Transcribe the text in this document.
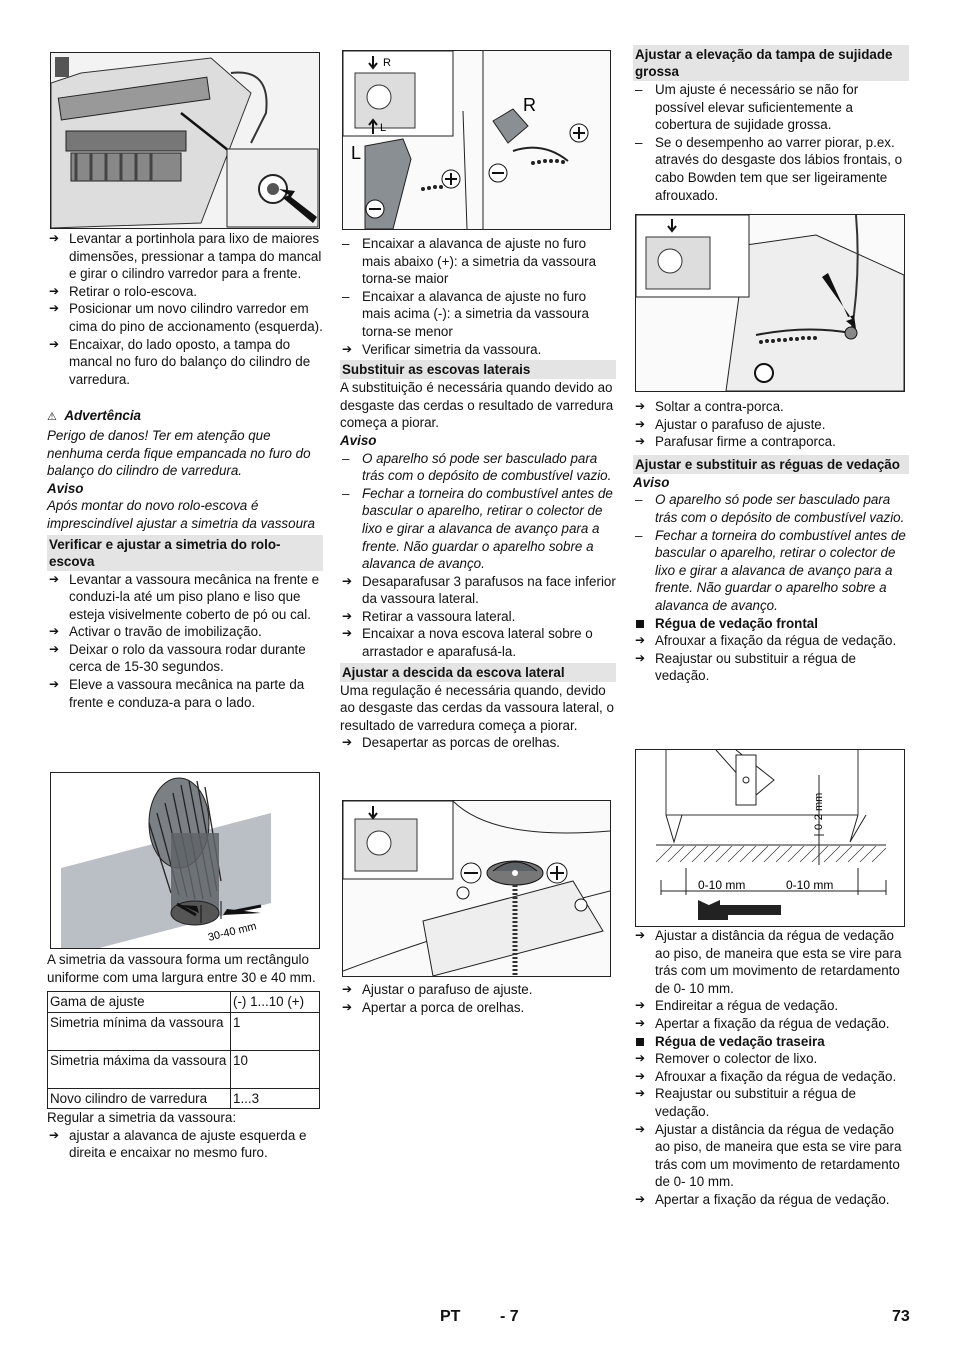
➔ Levantar a portinhola para lixo de maiores dimensões, pressionar a tampa do mancal e girar o cilindro varredor para a frente.

➔ Retirar o rolo-escova.

➔ Posicionar um novo cilindro varredor em cima do pino de accionamento (esquerda).

➔ Encaixar, do lado oposto, a tampa do mancal no furo do balanço do cilindro de varredura.

⚠ Advertência

Perigo de danos! Ter em atenção que nenhuma cerda fique empancada no furo do balanço do cilindro de varredura.

Aviso

Após montar do novo rolo-escova é imprescindível ajustar a simetria da vassoura

Verificar e ajustar a simetria do rolo-escova

➔ Levantar a vassoura mecânica na frente e conduzi-la até um piso plano e liso que esteja visivelmente coberto de pó ou cal.

➔ Activar o travão de imobilização.

➔ Deixar o rolo da vassoura rodar durante cerca de 15-30 segundos.

➔ Eleve a vassoura mecânica na parte da frente e conduza-a para o lado.

30-40 mm

A simetria da vassoura forma um rectângulo uniforme com uma largura entre 30 e 40 mm.

Gama de ajuste	(-) 1...10 (+)
Simetria mínima da vassoura	1
Simetria máxima da vassoura	10
Novo cilindro de varredura	1...3

Regular a simetria da vassoura:

➔ ajustar a alavanca de ajuste esquerda e direita e encaixar no mesmo furo.

R
L
R
L

– Encaixar a alavanca de ajuste no furo mais abaixo (+): a simetria da vassoura torna-se maior

– Encaixar a alavanca de ajuste no furo mais acima (-): a simetria da vassoura torna-se menor

➔ Verificar simetria da vassoura.

Substituir as escovas laterais

A substituição é necessária quando devido ao desgaste das cerdas o resultado de varredura começa a piorar.

Aviso

– O aparelho só pode ser basculado para trás com o depósito de combustível vazio.

– Fechar a torneira do combustível antes de bascular o aparelho, retirar o colector de lixo e girar a alavanca de avanço para a frente. Não guardar o aparelho sobre a alavanca de avanço.

➔ Desaparafusar 3 parafusos na face inferior da vassoura lateral.

➔ Retirar a vassoura lateral.

➔ Encaixar a nova escova lateral sobre o arrastador e aparafusá-la.

Ajustar a descida da escova lateral

Uma regulação é necessária quando, devido ao desgaste das cerdas da vassoura lateral, o resultado de varredura começa a piorar.

➔ Desapertar as porcas de orelhas.

➔ Ajustar o parafuso de ajuste.

➔ Apertar a porca de orelhas.

Ajustar a elevação da tampa de sujidade grossa

– Um ajuste é necessário se não for possível elevar suficientemente a cobertura de sujidade grossa.

– Se o desempenho ao varrer piorar, p.ex. através do desgaste dos lábios frontais, o cabo Bowden tem que ser ligeiramente afrouxado.

➔ Soltar a contra-porca.

➔ Ajustar o parafuso de ajuste.

➔ Parafusar firme a contraporca.

Ajustar e substituir as réguas de vedação

Aviso

– O aparelho só pode ser basculado para trás com o depósito de combustível vazio.

– Fechar a torneira do combustível antes de bascular o aparelho, retirar o colector de lixo e girar a alavanca de avanço para a frente. Não guardar o aparelho sobre a alavanca de avanço.

Régua de vedação frontal

➔ Afrouxar a fixação da régua de vedação.

➔ Reajustar ou substituir a régua de vedação.

0-2 mm
0-10 mm	0-10 mm

➔ Ajustar a distância da régua de vedação ao piso, de maneira que esta se vire para trás com um movimento de retardamento de 0- 10 mm.

➔ Endireitar a régua de vedação.

➔ Apertar a fixação da régua de vedação.

Régua de vedação traseira

➔ Remover o colector de lixo.

➔ Afrouxar a fixação da régua de vedação.

➔ Reajustar ou substituir a régua de vedação.

➔ Ajustar a distância da régua de vedação ao piso, de maneira que esta se vire para trás com um movimento de retardamento de 0- 10 mm.

➔ Apertar a fixação da régua de vedação.

PT - 7	73
